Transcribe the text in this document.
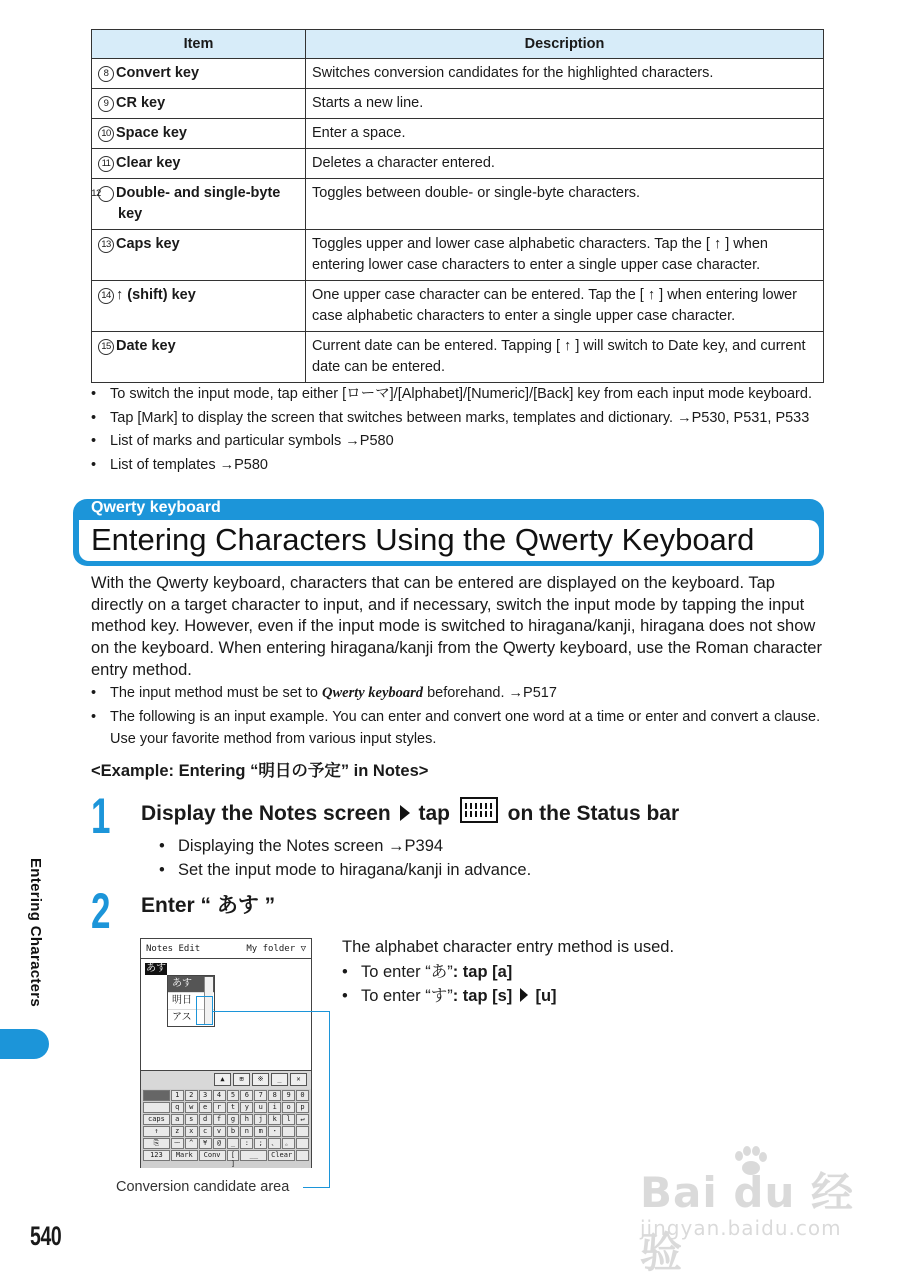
Item	Description
8 Convert key	Switches conversion candidates for the highlighted characters.
9 CR key	Starts a new line.
10 Space key	Enter a space.
11 Clear key	Deletes a character entered.

12 Double- and single-byte key	Toggles between double- or single-byte characters.
13 Caps key	Toggles upper and lower case alphabetic characters. Tap the [ ↑ ] when entering lower case characters to enter a single upper case character.
14 ↑ (shift) key	One upper case character can be entered. Tap the [ ↑ ] when entering lower case alphabetic characters to enter a single upper case character.
15 Date key	Current date can be entered. Tapping [ ↑ ] will switch to Date key, and current date can be entered.
• To switch the input mode, tap either [ローマ]/[Alphabet]/[Numeric]/[Back] key from each input mode keyboard.
• Tap [Mark] to display the screen that switches between marks, templates and dictionary. →P530, P531, P533
• List of marks and particular symbols →P580
• List of templates →P580
Qwerty keyboard
Entering Characters Using the Qwerty Keyboard

With the Qwerty keyboard, characters that can be entered are displayed on the keyboard. Tap directly on a target character to input, and if necessary, switch the input mode by tapping the input method key. However, even if the input mode is switched to hiragana/kanji, hiragana does not show on the keyboard. When entering hiragana/kanji from the Qwerty keyboard, use the Roman character entry method.

• The input method must be set to Qwerty keyboard beforehand. →P517
• The following is an input example. You can enter and convert one word at a time or enter and convert a clause. Use your favorite method from various input styles.
<Example: Entering “明日の予定” in Notes>
1 Display the Notes screen tap	on the Status bar
• Displaying the Notes screen →P394
• Set the input mode to hiragana/kanji in advance.
2 Enter “ あす ”
Notes Edit	My folder ▽
あす
あす
明日
アス
▲	⊞	※	_	✕
1	2	3	4	5	6	7	8	9	0
q	w	e	r	t	y	u	i	o	p
caps	a	s	d	f	g	h	j	k	l	↵
↑	z	x	c	v	b	n	m	・
⎘	ー	^	¥	@	_	:	;	、 。
123	Mark	Conv	[ ]
__	Clear
Conversion candidate area

The alphabet character entry method is used.

• To enter “あ”: tap [a]
• To enter “す”: tap [s] [u]
Entering Characters
540
Bai du 经验
jingyan.baidu.com
